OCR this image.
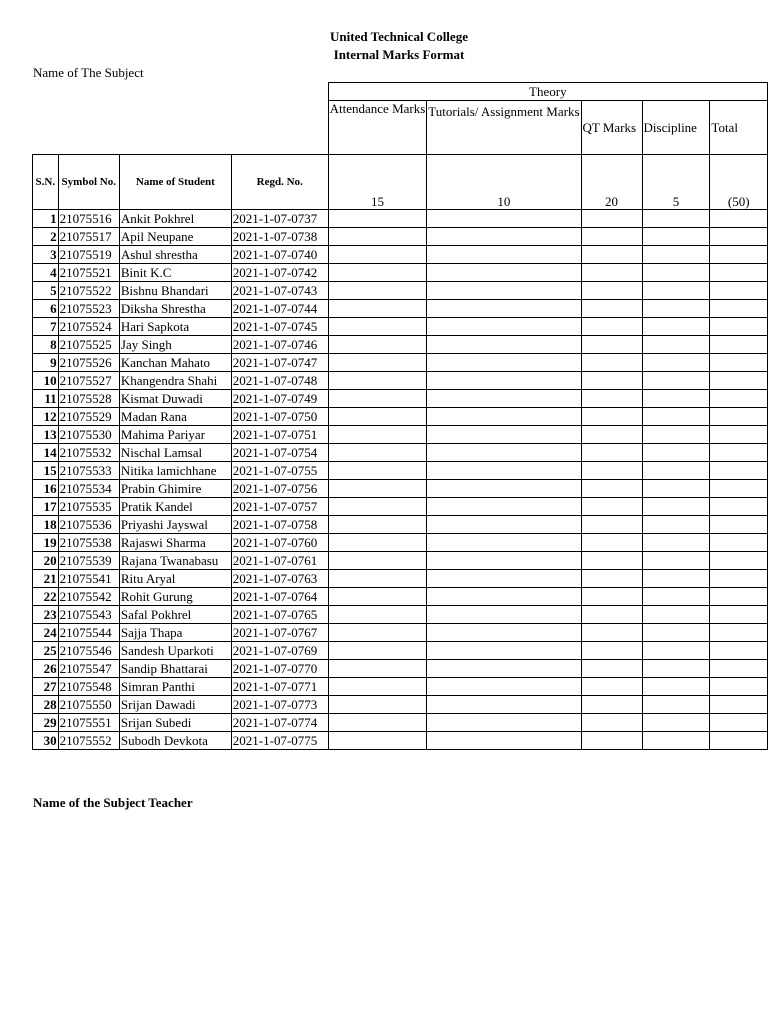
United Technical College
Internal Marks Format
Name of The Subject
				Theory				
				Attendance Marks	Tutorials/ Assignment Marks	QT Marks	Discipline	Total
S.N.	Symbol No.	Name of Student	Regd. No.	15	10	20	5	(50)
1	21075516	Ankit Pokhrel	2021-1-07-0737					
2	21075517	Apil Neupane	2021-1-07-0738					
3	21075519	Ashul shrestha	2021-1-07-0740					
4	21075521	Binit K.C	2021-1-07-0742					
5	21075522	Bishnu Bhandari	2021-1-07-0743					
6	21075523	Diksha Shrestha	2021-1-07-0744					
7	21075524	Hari Sapkota	2021-1-07-0745					
8	21075525	Jay Singh	2021-1-07-0746					
9	21075526	Kanchan Mahato	2021-1-07-0747					
10	21075527	Khangendra Shahi	2021-1-07-0748					
11	21075528	Kismat Duwadi	2021-1-07-0749					
12	21075529	Madan Rana	2021-1-07-0750					
13	21075530	Mahima Pariyar	2021-1-07-0751					
14	21075532	Nischal Lamsal	2021-1-07-0754					
15	21075533	Nitika lamichhane	2021-1-07-0755					
16	21075534	Prabin Ghimire	2021-1-07-0756					
17	21075535	Pratik Kandel	2021-1-07-0757					
18	21075536	Priyashi Jayswal	2021-1-07-0758					
19	21075538	Rajaswi Sharma	2021-1-07-0760					
20	21075539	Rajana Twanabasu	2021-1-07-0761					
21	21075541	Ritu Aryal	2021-1-07-0763					
22	21075542	Rohit Gurung	2021-1-07-0764					
23	21075543	Safal Pokhrel	2021-1-07-0765					
24	21075544	Sajja Thapa	2021-1-07-0767					
25	21075546	Sandesh Uparkoti	2021-1-07-0769					
26	21075547	Sandip Bhattarai	2021-1-07-0770					
27	21075548	Simran Panthi	2021-1-07-0771					
28	21075550	Srijan Dawadi	2021-1-07-0773					
29	21075551	Srijan Subedi	2021-1-07-0774					
30	21075552	Subodh Devkota	2021-1-07-0775					
Name of the Subject Teacher
